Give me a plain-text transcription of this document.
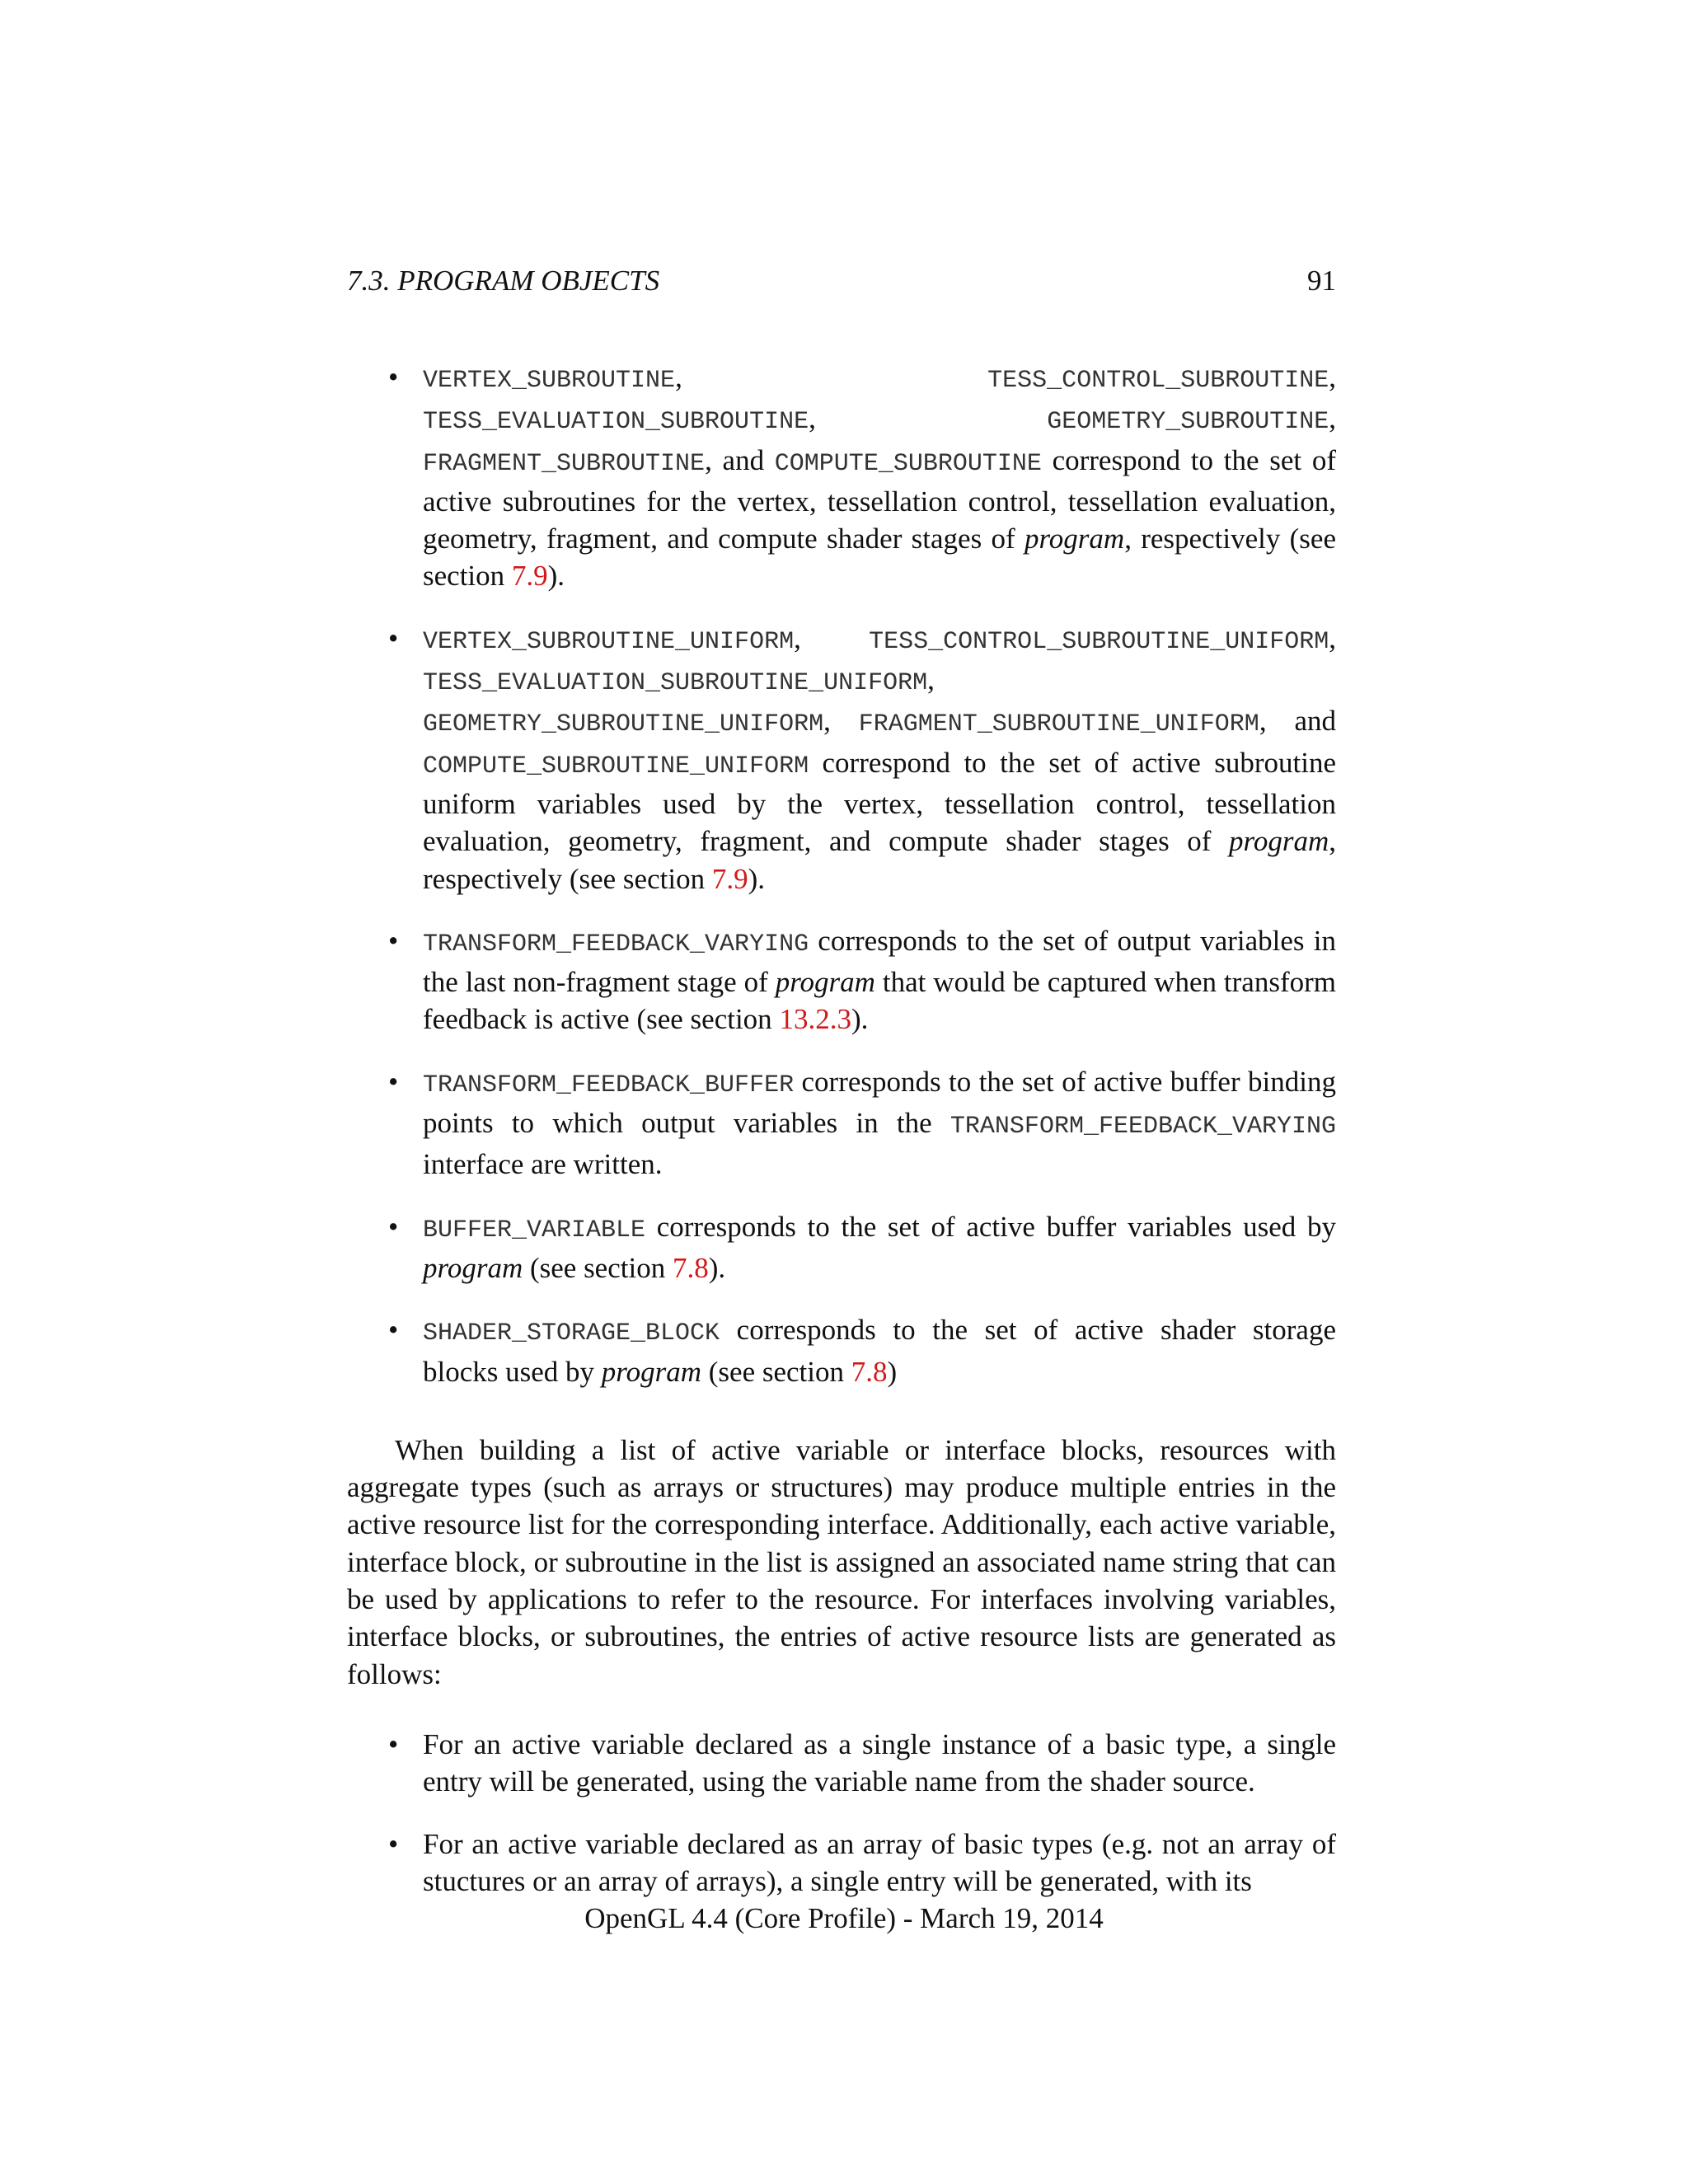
7.3. PROGRAM OBJECTS	91
• VERTEX_SUBROUTINE, TESS_CONTROL_SUBROUTINE, TESS_EVALUATION_SUBROUTINE, GEOMETRY_SUBROUTINE, FRAGMENT_SUBROUTINE, and COMPUTE_SUBROUTINE correspond to the set of active subroutines for the vertex, tessellation control, tessellation evaluation, geometry, fragment, and compute shader stages of program, respectively (see section 7.9).
• VERTEX_SUBROUTINE_UNIFORM, TESS_CONTROL_SUBROUTINE_UNIFORM, TESS_EVALUATION_SUBROUTINE_UNIFORM, GEOMETRY_SUBROUTINE_UNIFORM, FRAGMENT_SUBROUTINE_UNIFORM, and COMPUTE_SUBROUTINE_UNIFORM correspond to the set of active subroutine uniform variables used by the vertex, tessellation control, tessellation evaluation, geometry, fragment, and compute shader stages of program, respectively (see section 7.9).
• TRANSFORM_FEEDBACK_VARYING corresponds to the set of output variables in the last non-fragment stage of program that would be captured when transform feedback is active (see section 13.2.3).
• TRANSFORM_FEEDBACK_BUFFER corresponds to the set of active buffer binding points to which output variables in the TRANSFORM_FEEDBACK_VARYING interface are written.
• BUFFER_VARIABLE corresponds to the set of active buffer variables used by program (see section 7.8).
• SHADER_STORAGE_BLOCK corresponds to the set of active shader storage blocks used by program (see section 7.8)

When building a list of active variable or interface blocks, resources with aggregate types (such as arrays or structures) may produce multiple entries in the active resource list for the corresponding interface. Additionally, each active variable, interface block, or subroutine in the list is assigned an associated name string that can be used by applications to refer to the resource. For interfaces involving variables, interface blocks, or subroutines, the entries of active resource lists are generated as follows:

• For an active variable declared as a single instance of a basic type, a single entry will be generated, using the variable name from the shader source.
• For an active variable declared as an array of basic types (e.g. not an array of stuctures or an array of arrays), a single entry will be generated, with its
OpenGL 4.4 (Core Profile) - March 19, 2014
